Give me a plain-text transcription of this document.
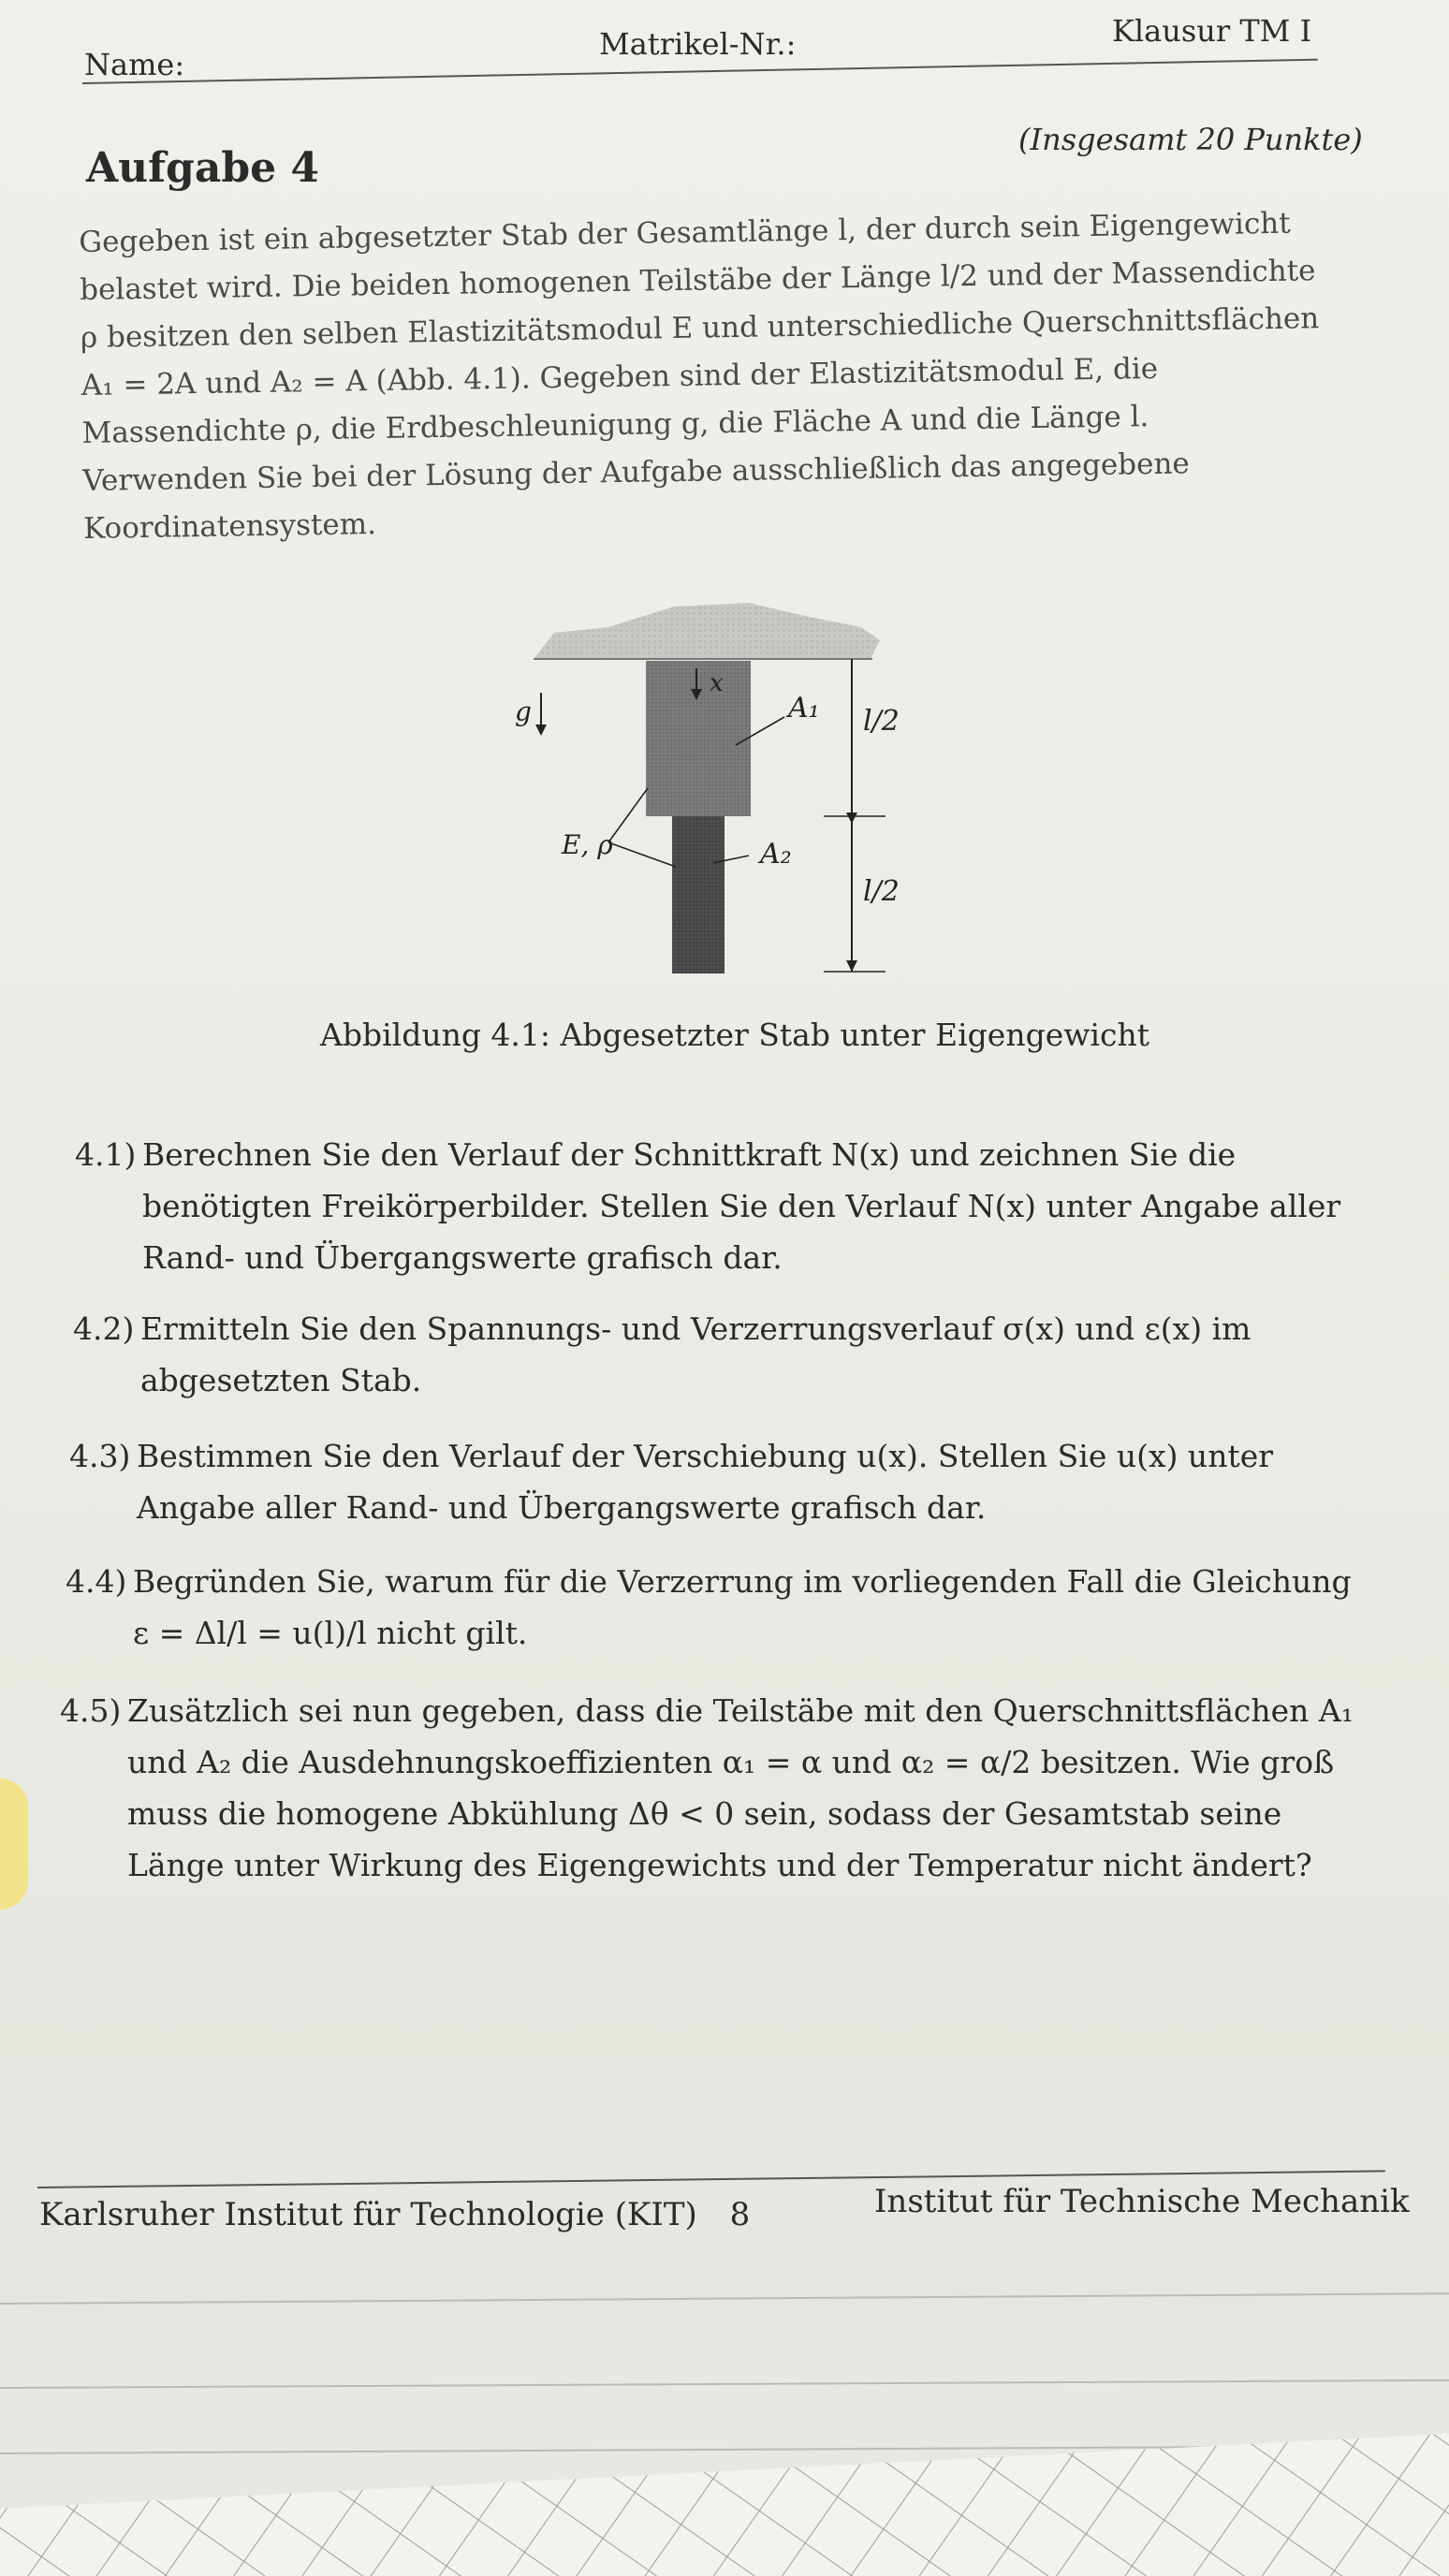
Name:
Matrikel-Nr.:	Klausur TM I
Aufgabe 4
(Insgesamt 20 Punkte)
Gegeben ist ein abgesetzter Stab der Gesamtlänge l, der durch sein Eigengewicht
belastet wird. Die beiden homogenen Teilstäbe der Länge l/2 und der Massendichte
ρ besitzen den selben Elastizitätsmodul E und unterschiedliche Querschnittsflächen
A₁ = 2A und A₂ = A (Abb. 4.1). Gegeben sind der Elastizitätsmodul E, die
Massendichte ρ, die Erdbeschleunigung g, die Fläche A und die Länge l.
Verwenden Sie bei der Lösung der Aufgabe ausschließlich das angegebene
Koordinatensystem.
x
g	A₁
A₂
E, ρ
l/2
l/2
Abbildung 4.1: Abgesetzter Stab unter Eigengewicht
4.1) Berechnen Sie den Verlauf der Schnittkraft N(x) und zeichnen Sie die benötigten Freikörperbilder. Stellen Sie den Verlauf N(x) unter Angabe aller Rand- und Übergangswerte grafisch dar.
4.2) Ermitteln Sie den Spannungs- und Verzerrungsverlauf σ(x) und ε(x) im abgesetzten Stab.
4.3) Bestimmen Sie den Verlauf der Verschiebung u(x). Stellen Sie u(x) unter Angabe aller Rand- und Übergangswerte grafisch dar.
4.4) Begründen Sie, warum für die Verzerrung im vorliegenden Fall die Gleichung ε = Δl/l = u(l)/l nicht gilt.
4.5) Zusätzlich sei nun gegeben, dass die Teilstäbe mit den Querschnittsflächen A₁ und A₂ die Ausdehnungskoeffizienten α₁ = α und α₂ = α/2 besitzen. Wie groß muss die homogene Abkühlung Δθ < 0 sein, sodass der Gesamtstab seine Länge unter Wirkung des Eigengewichts und der Temperatur nicht ändert?
Karlsruher Institut für Technologie (KIT) 8	Institut für Technische Mechanik
